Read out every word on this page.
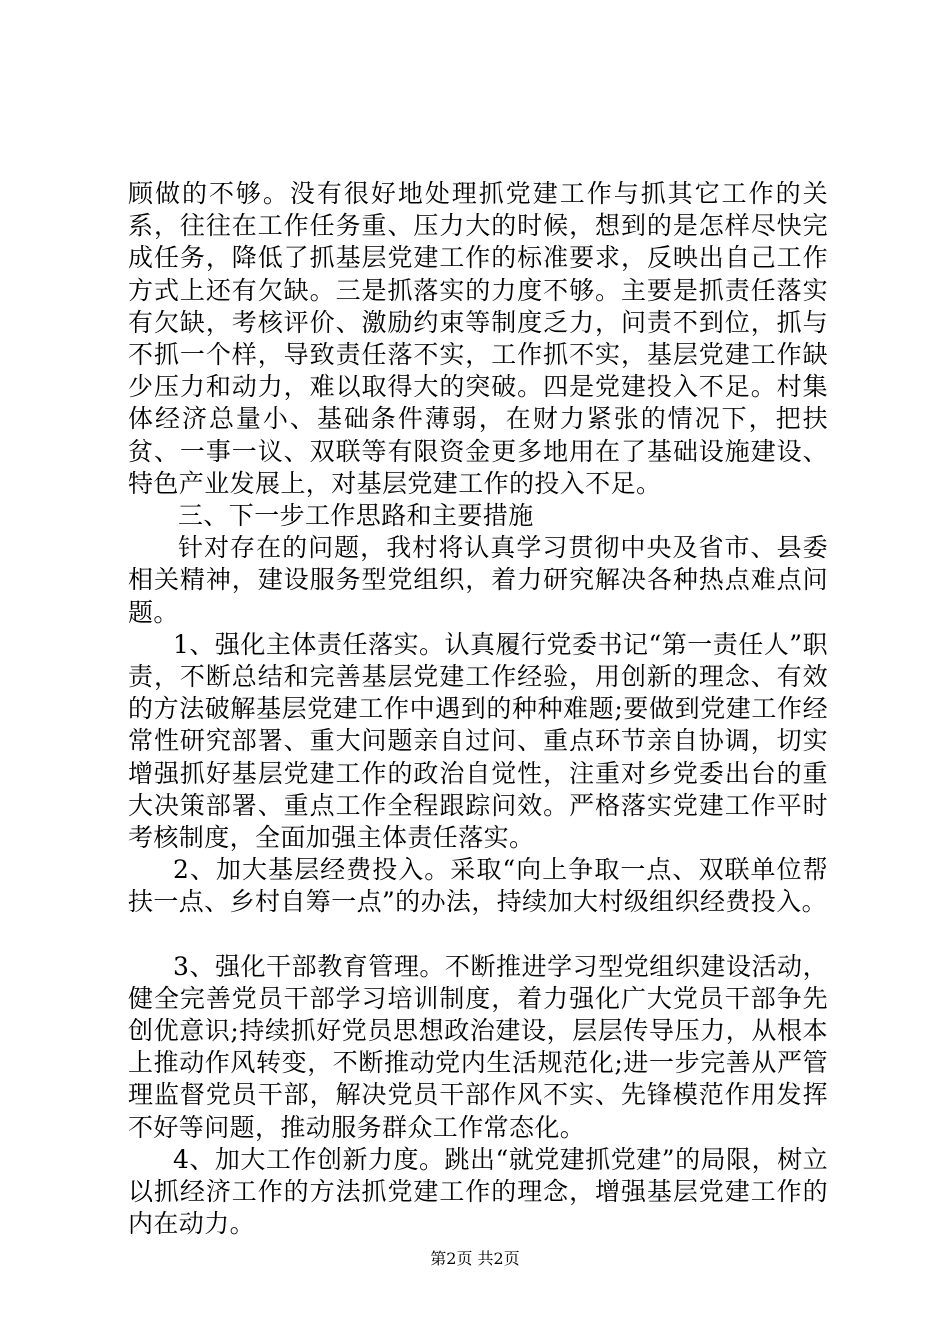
顾做的不够。没有很好地处理抓党建工作与抓其它工作的关系，往往在工作任务重、压力大的时候，想到的是怎样尽快完成任务，降低了抓基层党建工作的标准要求，反映出自己工作方式上还有欠缺。三是抓落实的力度不够。主要是抓责任落实有欠缺，考核评价、激励约束等制度乏力，问责不到位，抓与不抓一个样，导致责任落不实，工作抓不实，基层党建工作缺少压力和动力，难以取得大的突破。四是党建投入不足。村集体经济总量小、基础条件薄弱，在财力紧张的情况下，把扶贫、一事一议、双联等有限资金更多地用在了基础设施建设、特色产业发展上，对基层党建工作的投入不足。

三、下一步工作思路和主要措施

针对存在的问题，我村将认真学习贯彻中央及省市、县委相关精神，建设服务型党组织，着力研究解决各种热点难点问题。

1、强化主体责任落实。认真履行党委书记“第一责任人”职责，不断总结和完善基层党建工作经验，用创新的理念、有效的方法破解基层党建工作中遇到的种种难题;要做到党建工作经常性研究部署、重大问题亲自过问、重点环节亲自协调，切实增强抓好基层党建工作的政治自觉性，注重对乡党委出台的重大决策部署、重点工作全程跟踪问效。严格落实党建工作平时考核制度，全面加强主体责任落实。

2、加大基层经费投入。采取“向上争取一点、双联单位帮扶一点、乡村自筹一点”的办法，持续加大村级组织经费投入。

3、强化干部教育管理。不断推进学习型党组织建设活动，健全完善党员干部学习培训制度，着力强化广大党员干部争先创优意识;持续抓好党员思想政治建设，层层传导压力，从根本上推动作风转变，不断推动党内生活规范化;进一步完善从严管理监督党员干部，解决党员干部作风不实、先锋模范作用发挥不好等问题，推动服务群众工作常态化。

4、加大工作创新力度。跳出“就党建抓党建”的局限，树立以抓经济工作的方法抓党建工作的理念，增强基层党建工作的内在动力。

第2页 共2页
